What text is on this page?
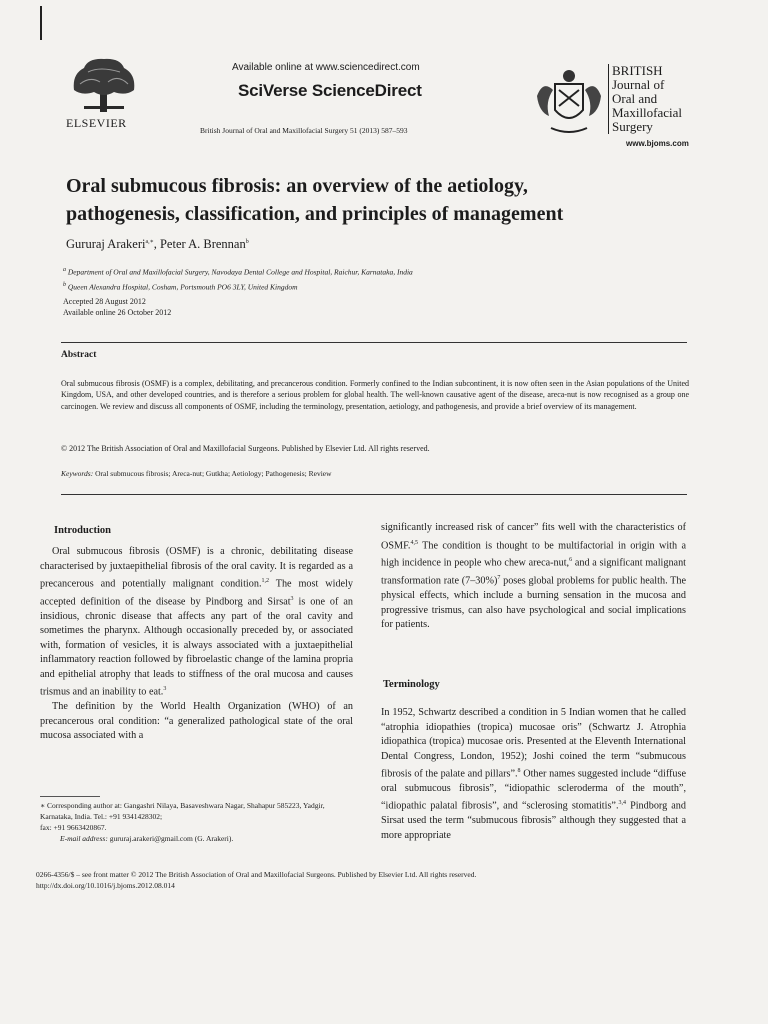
ELSEVIER
Available online at www.sciencedirect.com
SciVerse ScienceDirect
British Journal of Oral and Maxillofacial Surgery 51 (2013) 587–593
BRITISH
Journal of
Oral and
Maxillofacial
Surgery
www.bjoms.com
Oral submucous fibrosis: an overview of the aetiology,
pathogenesis, classification, and principles of management
Gururaj Arakeri$^{a,∗}$, Peter A. Brennan$^b$
$^a$ Department of Oral and Maxillofacial Surgery, Navodaya Dental College and Hospital, Raichur, Karnataka, India
$^b$ Queen Alexandra Hospital, Cosham, Portsmouth PO6 3LY, United Kingdom
Accepted 28 August 2012
Available online 26 October 2012
Abstract
Oral submucous fibrosis (OSMF) is a complex, debilitating, and precancerous condition. Formerly confined to the Indian subcontinent, it is now often seen in the Asian populations of the United Kingdom, USA, and other developed countries, and is therefore a serious problem for global health. The well-known causative agent of the disease, areca-nut is now recognised as a group one carcinogen. We review and discuss all components of OSMF, including the terminology, presentation, aetiology, and pathogenesis, and provide a brief overview of its management.
© 2012 The British Association of Oral and Maxillofacial Surgeons. Published by Elsevier Ltd. All rights reserved.
Keywords: Oral submucous fibrosis; Areca-nut; Gutkha; Aetiology; Pathogenesis; Review
Introduction

Oral submucous fibrosis (OSMF) is a chronic, debilitating disease characterised by juxtaepithelial fibrosis of the oral cavity. It is regarded as a precancerous and potentially malignant condition.$^{1,2}$ The most widely accepted definition of the disease by Pindborg and Sirsat$^3$ is one of an insidious, chronic disease that affects any part of the oral cavity and sometimes the pharynx. Although occasionally preceded by, or associated with, formation of vesicles, it is always associated with a juxtaepithelial inflammatory reaction followed by fibroelastic change of the lamina propria and epithelial atrophy that leads to stiffness of the oral mucosa and causes trismus and an inability to eat.$^3$

The definition by the World Health Organization (WHO) of an precancerous oral condition: “a generalized pathological state of the oral mucosa associated with a

significantly increased risk of cancer” fits well with the characteristics of OSMF.$^{4,5}$ The condition is thought to be multifactorial in origin with a high incidence in people who chew areca-nut,$^6$ and a significant malignant transformation rate $(7-30\%)^7$ poses global problems for public health. The physical effects, which include a burning sensation in the mucosa and progressive trismus, can also have psychological and social implications for patients.

Terminology

In 1952, Schwartz described a condition in 5 Indian women that he called “atrophia idiopathies (tropica) mucosae oris” (Schwartz J. Atrophia idiopathica (tropica) mucosae oris. Presented at the Eleventh International Dental Congress, London, 1952); Joshi coined the term “submucous fibrosis of the palate and pillars”.$^8$ Other names suggested include “diffuse oral submucous fibrosis”, “idiopathic scleroderma of the mouth”, “idiopathic palatal fibrosis”, and “sclerosing stomatitis”.$^{3,4}$ Pindborg and Sirsat used the term “submucous fibrosis” although they suggested that a more appropriate

∗ Corresponding author at: Gangashri Nilaya, Basaveshwara Nagar, Shahapur 585223, Yadgir, Karnataka, India. Tel.: +91 9341428302;
fax: +91 9663420867.
E-mail address: gururaj.arakeri@gmail.com (G. Arakeri).
0266-4356/$ – see front matter © 2012 The British Association of Oral and Maxillofacial Surgeons. Published by Elsevier Ltd. All rights reserved.
http://dx.doi.org/10.1016/j.bjoms.2012.08.014
